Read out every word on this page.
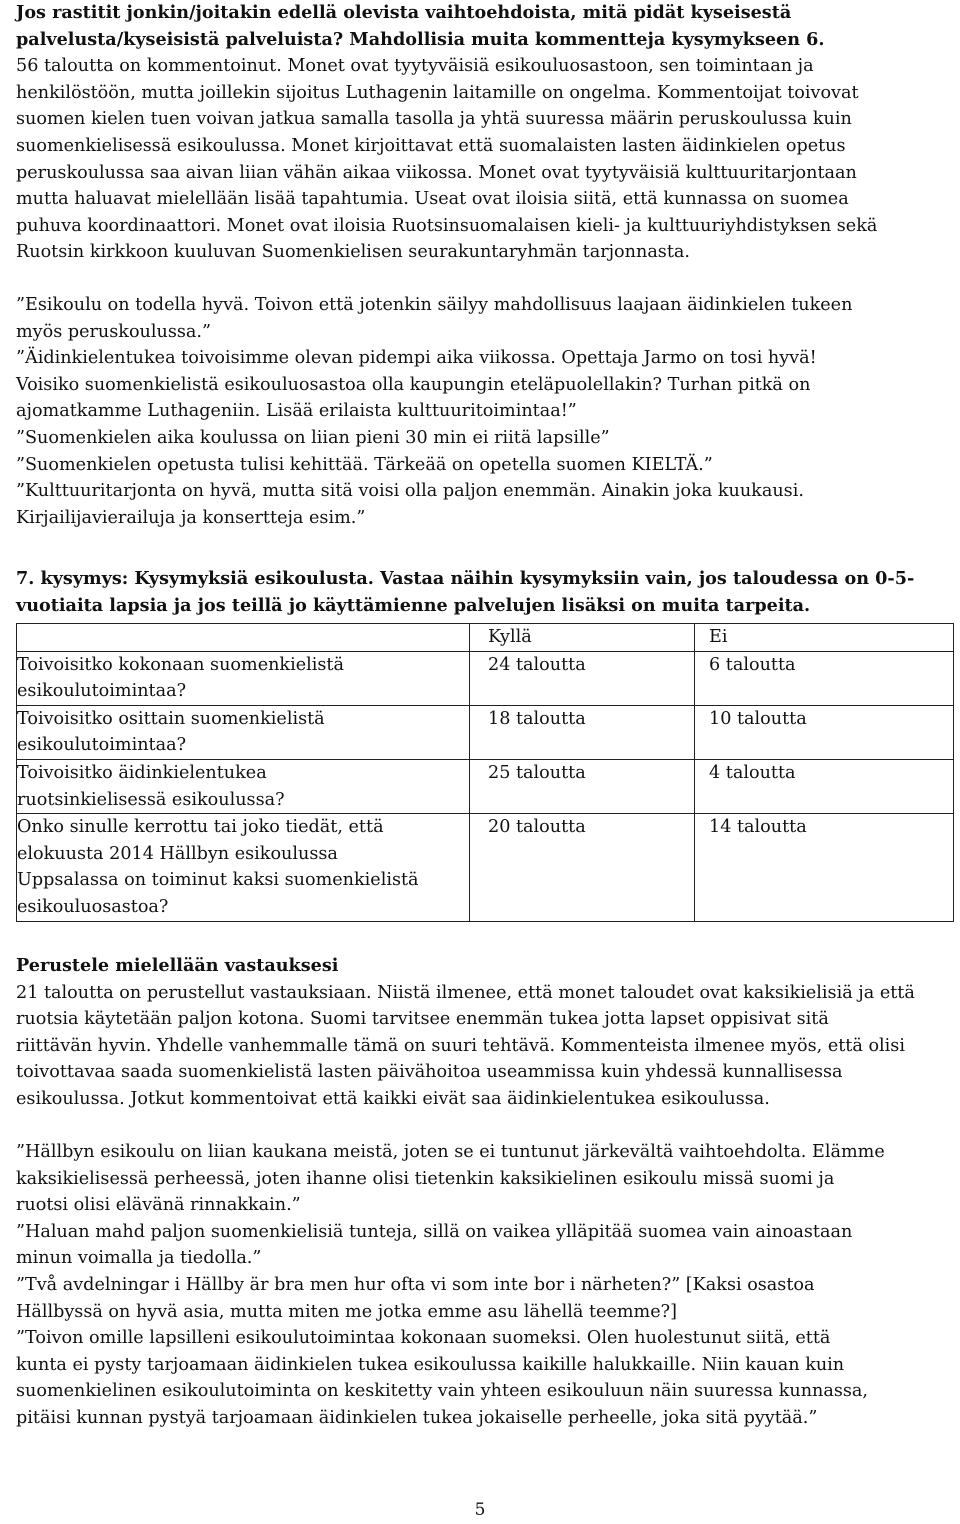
Jos rastitit jonkin/joitakin edellä olevista vaihtoehdoista, mitä pidät kyseisestä

palvelusta/kyseisistä palveluista? Mahdollisia muita kommentteja kysymykseen 6.

56 taloutta on kommentoinut. Monet ovat tyytyväisiä esikouluosastoon, sen toimintaan ja

henkilöstöön, mutta joillekin sijoitus Luthagenin laitamille on ongelma. Kommentoijat toivovat

suomen kielen tuen voivan jatkua samalla tasolla ja yhtä suuressa määrin peruskoulussa kuin

suomenkielisessä esikoulussa. Monet kirjoittavat että suomalaisten lasten äidinkielen opetus

peruskoulussa saa aivan liian vähän aikaa viikossa. Monet ovat tyytyväisiä kulttuuritarjontaan

mutta haluavat mielellään lisää tapahtumia. Useat ovat iloisia siitä, että kunnassa on suomea

puhuva koordinaattori. Monet ovat iloisia Ruotsinsuomalaisen kieli- ja kulttuuriyhdistyksen sekä

Ruotsin kirkkoon kuuluvan Suomenkielisen seurakuntaryhmän tarjonnasta.

”Esikoulu on todella hyvä. Toivon että jotenkin säilyy mahdollisuus laajaan äidinkielen tukeen

myös peruskoulussa.”

”Äidinkielentukea toivoisimme olevan pidempi aika viikossa. Opettaja Jarmo on tosi hyvä!

Voisiko suomenkielistä esikouluosastoa olla kaupungin eteläpuolellakin? Turhan pitkä on

ajomatkamme Luthageniin. Lisää erilaista kulttuuritoimintaa!”

”Suomenkielen aika koulussa on liian pieni 30 min ei riitä lapsille”

”Suomenkielen opetusta tulisi kehittää. Tärkeää on opetella suomen KIELTÄ.”

”Kulttuuritarjonta on hyvä, mutta sitä voisi olla paljon enemmän. Ainakin joka kuukausi.

Kirjailijavierailuja ja konsertteja esim.”

7. kysymys: Kysymyksiä esikoulusta. Vastaa näihin kysymyksiin vain, jos taloudessa on 0-5-

vuotiaita lapsia ja jos teillä jo käyttämienne palvelujen lisäksi on muita tarpeita.

	Kyllä	Ei

Toivoisitko kokonaan suomenkielistä
esikoulutoimintaa?	24 taloutta	6 taloutta

Toivoisitko osittain suomenkielistä
esikoulutoimintaa?	18 taloutta	10 taloutta

Toivoisitko äidinkielentukea
ruotsinkielisessä esikoulussa?	25 taloutta	4 taloutta

Onko sinulle kerrottu tai joko tiedät, että
elokuusta 2014 Hällbyn esikoulussa
Uppsalassa on toiminut kaksi suomenkielistä
esikouluosastoa?	20 taloutta	14 taloutta

Perustele mielellään vastauksesi

21 taloutta on perustellut vastauksiaan. Niistä ilmenee, että monet taloudet ovat kaksikielisiä ja että

ruotsia käytetään paljon kotona. Suomi tarvitsee enemmän tukea jotta lapset oppisivat sitä

riittävän hyvin. Yhdelle vanhemmalle tämä on suuri tehtävä. Kommenteista ilmenee myös, että olisi

toivottavaa saada suomenkielistä lasten päivähoitoa useammissa kuin yhdessä kunnallisessa

esikoulussa. Jotkut kommentoivat että kaikki eivät saa äidinkielentukea esikoulussa.

”Hällbyn esikoulu on liian kaukana meistä, joten se ei tuntunut järkevältä vaihtoehdolta. Elämme

kaksikielisessä perheessä, joten ihanne olisi tietenkin kaksikielinen esikoulu missä suomi ja

ruotsi olisi elävänä rinnakkain.”

”Haluan mahd paljon suomenkielisiä tunteja, sillä on vaikea ylläpitää suomea vain ainoastaan

minun voimalla ja tiedolla.”

”Två avdelningar i Hällby är bra men hur ofta vi som inte bor i närheten?” [Kaksi osastoa

Hällbyssä on hyvä asia, mutta miten me jotka emme asu lähellä teemme?]

”Toivon omille lapsilleni esikoulutoimintaa kokonaan suomeksi. Olen huolestunut siitä, että

kunta ei pysty tarjoamaan äidinkielen tukea esikoulussa kaikille halukkaille. Niin kauan kuin

suomenkielinen esikoulutoiminta on keskitetty vain yhteen esikouluun näin suuressa kunnassa,

pitäisi kunnan pystyä tarjoamaan äidinkielen tukea jokaiselle perheelle, joka sitä pyytää.”

5
